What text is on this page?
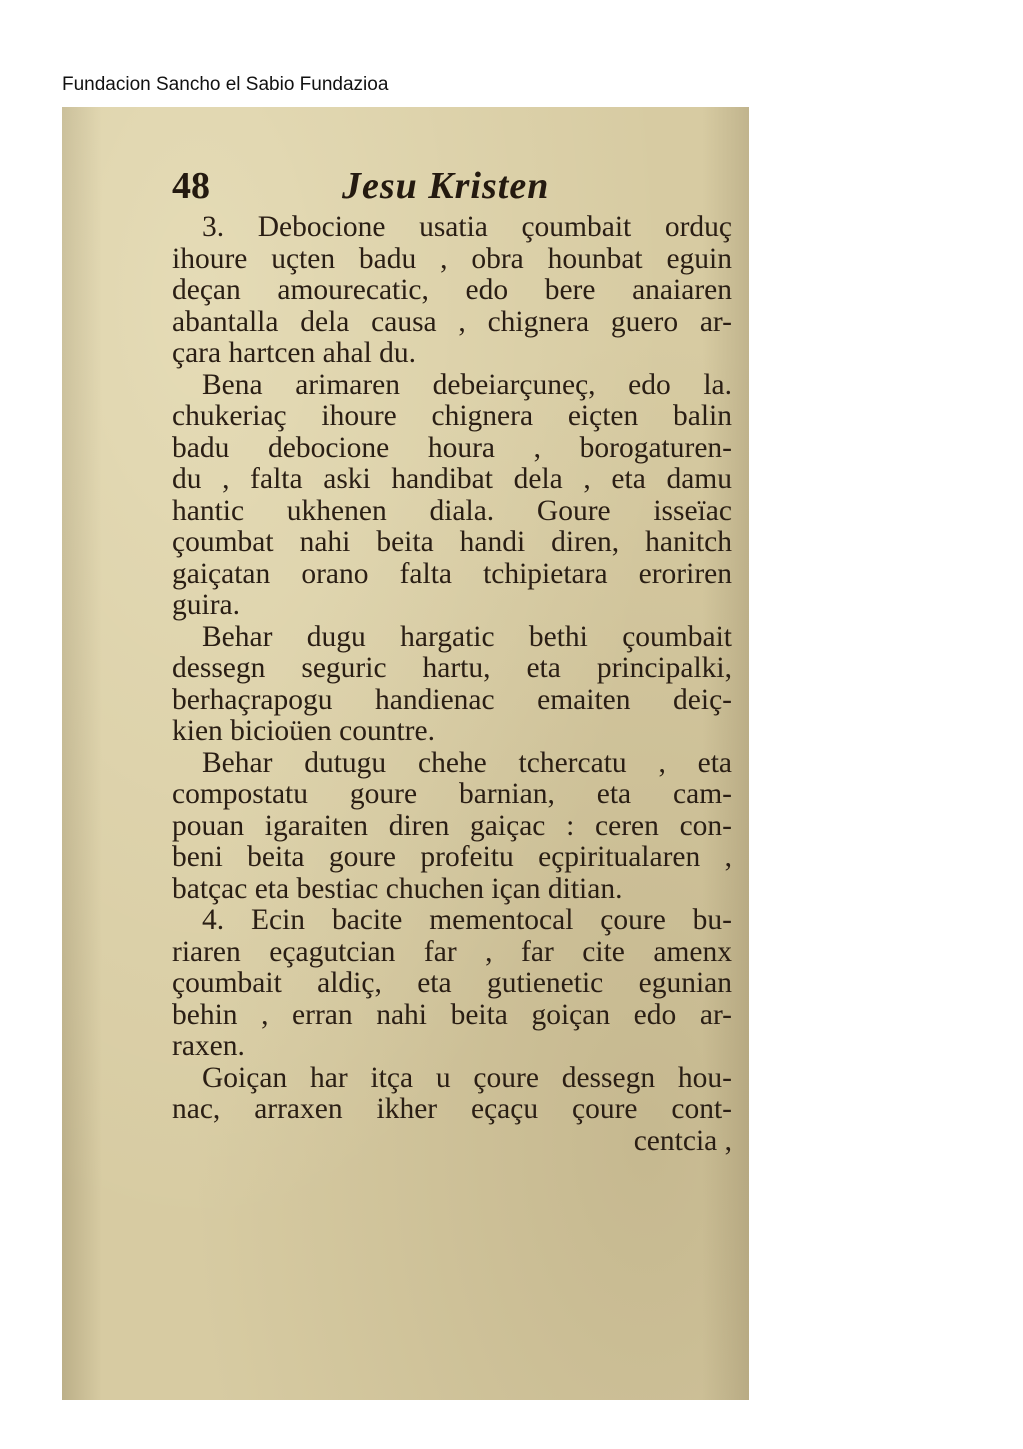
Fundacion Sancho el Sabio Fundazioa
48	Jesu Kristen
3. Debocione usatia çoumbait orduç
ihoure uçten badu , obra hounbat eguin
deçan amourecatic, edo bere anaiaren
abantalla dela causa , chignera guero ar-
çara hartcen ahal du.
Bena arimaren debeiarçuneç, edo la.
chukeriaç ihoure chignera eiçten balin
badu debocione houra , borogaturen-
du , falta aski handibat dela , eta damu
hantic ukhenen diala. Goure isseïac
çoumbat nahi beita handi diren, hanitch
gaiçatan orano falta tchipietara eroriren
guira.
Behar dugu hargatic bethi çoumbait
dessegn seguric hartu, eta principalki,
berhaçrapogu handienac emaiten deiç-
kien bicioüen countre.
Behar dutugu chehe tchercatu , eta
compostatu goure barnian, eta cam-
pouan igaraiten diren gaiçac : ceren con-
beni beita goure profeitu eçpiritualaren ,
batçac eta bestiac chuchen içan ditian.
4. Ecin bacite mementocal çoure bu-
riaren eçagutcian far , far cite amenx
çoumbait aldiç, eta gutienetic egunian
behin , erran nahi beita goiçan edo ar-
raxen.
Goiçan har itça u çoure dessegn hou-
nac, arraxen ikher eçaçu çoure cont-
centcia ,
